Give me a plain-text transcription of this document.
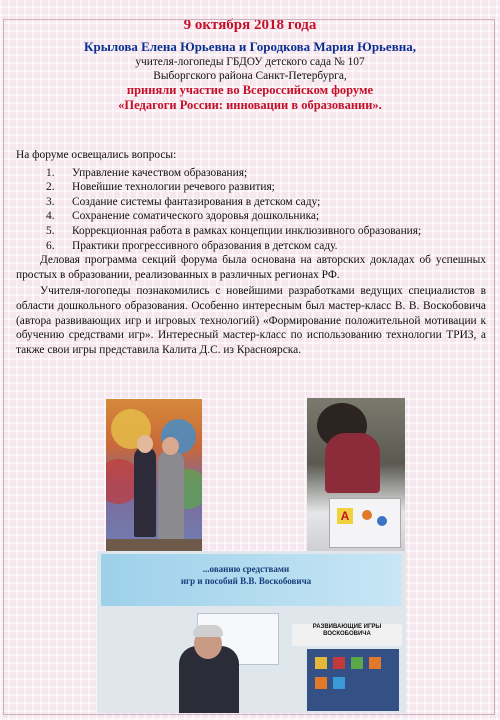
9 октября 2018 года
Крылова Елена Юрьевна и Городкова Мария Юрьевна,
учителя-логопеды ГБДОУ детского сада № 107
Выборгского района Санкт-Петербурга,
приняли участие во Всероссийском форуме
«Педагоги России: инновации в образовании».

На форуме освещались вопросы:

1.	Управление качеством образования;
2.	Новейшие технологии речевого развития;
3.	Создание системы фантазирования в детском саду;
4.	Сохранение соматического здоровья дошкольника;
5.	Коррекционная работа в рамках концепции инклюзивного образования;
6.	Практики прогрессивного образования в детском саду.

Деловая программа секций форума была основана на авторских докладах об успешных простых в образовании, реализованных в различных регионах РФ.

Учителя-логопеды познакомились с новейшими разработками ведущих специалистов в области дошкольного образования. Особенно интересным был мастер-класс В. В. Воскобовича (автора развивающих игр и игровых технологий) «Формирование положительной мотивации к обучению средствами игр». Интересный мастер-класс по использованию технологии ТРИЗ, а также свои игры представила Калита Д.С. из Красноярска.

A
...ованию средствами
игр и пособий В.В. Воскобовича
РАЗВИВАЮЩИЕ ИГРЫ ВОСКОБОВИЧА
